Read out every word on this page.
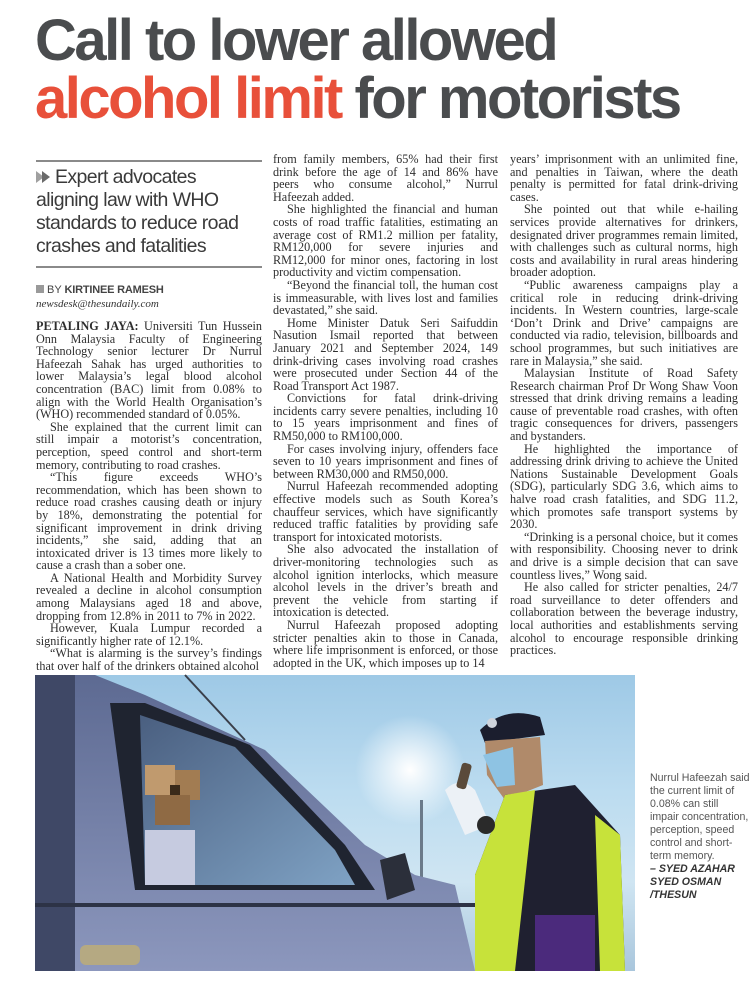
Call to lower allowed
alcohol limit for motorists
Expert advocates aligning law with WHO standards to reduce road crashes and fatalities
BY KIRTINEE RAMESH
newsdesk@thesundaily.com

PETALING JAYA: Universiti Tun Hussein Onn Malaysia Faculty of Engineering Technology senior lecturer Dr Nurrul Hafeezah Sahak has urged authorities to lower Malaysia’s legal blood alcohol concentration (BAC) limit from 0.08% to align with the World Health Organisation’s (WHO) recommended standard of 0.05%.

She explained that the current limit can still impair a motorist’s concentration, perception, speed control and short-term memory, contributing to road crashes.

“This figure exceeds WHO’s recommendation, which has been shown to reduce road crashes causing death or injury by 18%, demonstrating the potential for significant improvement in drink driving incidents,” she said, adding that an intoxicated driver is 13 times more likely to cause a crash than a sober one.

A National Health and Morbidity Survey revealed a decline in alcohol consumption among Malaysians aged 18 and above, dropping from 12.8% in 2011 to 7% in 2022.

However, Kuala Lumpur recorded a significantly higher rate of 12.1%.

“What is alarming is the survey’s findings that over half of the drinkers obtained alcohol

from family members, 65% had their first drink before the age of 14 and 86% have peers who consume alcohol,” Nurrul Hafeezah added.

She highlighted the financial and human costs of road traffic fatalities, estimating an average cost of RM1.2 million per fatality, RM120,000 for severe injuries and RM12,000 for minor ones, factoring in lost productivity and victim compensation.

“Beyond the financial toll, the human cost is immeasurable, with lives lost and families devastated,” she said.

Home Minister Datuk Seri Saifuddin Nasution Ismail reported that between January 2021 and September 2024, 149 drink-driving cases involving road crashes were prosecuted under Section 44 of the Road Transport Act 1987.

Convictions for fatal drink-driving incidents carry severe penalties, including 10 to 15 years imprisonment and fines of RM50,000 to RM100,000.

For cases involving injury, offenders face seven to 10 years imprisonment and fines of between RM30,000 and RM50,000.

Nurrul Hafeezah recommended adopting effective models such as South Korea’s chauffeur services, which have significantly reduced traffic fatalities by providing safe transport for intoxicated motorists.

She also advocated the installation of driver-monitoring technologies such as alcohol ignition interlocks, which measure alcohol levels in the driver’s breath and prevent the vehicle from starting if intoxication is detected.

Nurrul Hafeezah proposed adopting stricter penalties akin to those in Canada, where life imprisonment is enforced, or those adopted in the UK, which imposes up to 14

years’ imprisonment with an unlimited fine, and penalties in Taiwan, where the death penalty is permitted for fatal drink-driving cases.

She pointed out that while e-hailing services provide alternatives for drinkers, designated driver programmes remain limited, with challenges such as cultural norms, high costs and availability in rural areas hindering broader adoption.

“Public awareness campaigns play a critical role in reducing drink-driving incidents. In Western countries, large-scale ‘Don’t Drink and Drive’ campaigns are conducted via radio, television, billboards and school programmes, but such initiatives are rare in Malaysia,” she said.

Malaysian Institute of Road Safety Research chairman Prof Dr Wong Shaw Voon stressed that drink driving remains a leading cause of preventable road crashes, with often tragic consequences for drivers, passengers and bystanders.

He highlighted the importance of addressing drink driving to achieve the United Nations Sustainable Development Goals (SDG), particularly SDG 3.6, which aims to halve road crash fatalities, and SDG 11.2, which promotes safe transport systems by 2030.

“Drinking is a personal choice, but it comes with responsibility. Choosing never to drink and drive is a simple decision that can save countless lives,” Wong said.

He also called for stricter penalties, 24/7 road surveillance to deter offenders and collaboration between the beverage industry, local authorities and establishments serving alcohol to encourage responsible drinking practices.

Nurrul Hafeezah said the current limit of 0.08% can still impair concentration, perception, speed control and short-term memory.
– SYED AZAHAR SYED OSMAN /THESUN
